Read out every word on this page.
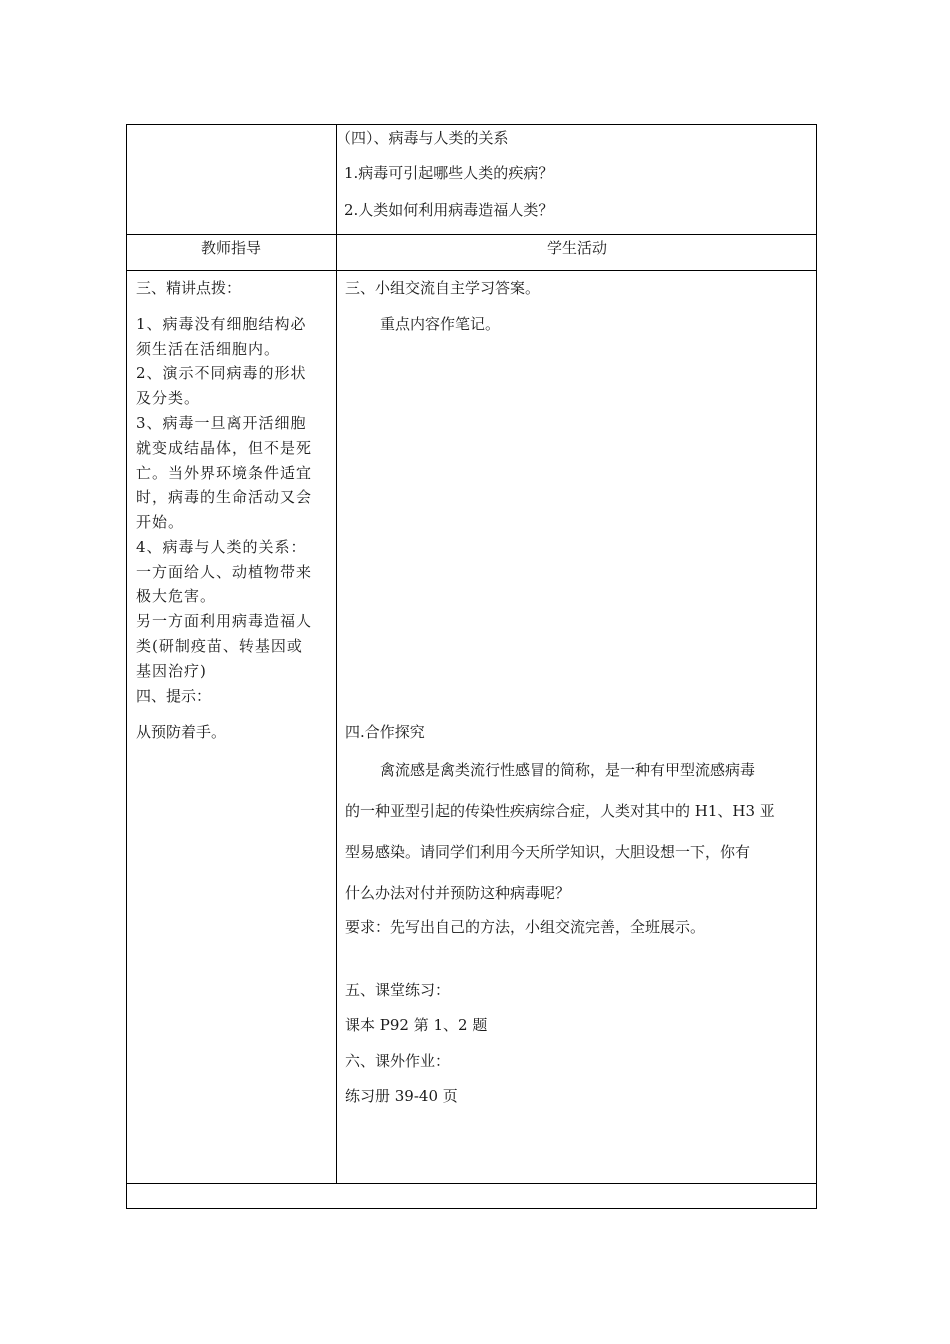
（四）、病毒与人类的关系
1.病毒可引起哪些人类的疾病？
2.人类如何利用病毒造福人类？
教师指导	学生活动
三、精讲点拨：
1、病毒没有细胞结构必
须生活在活细胞内。
2、演示不同病毒的形状
及分类。
3、病毒一旦离开活细胞
就变成结晶体，但不是死
亡。当外界环境条件适宜
时，病毒的生命活动又会
开始。
4、病毒与人类的关系：
一方面给人、动植物带来
极大危害。
另一方面利用病毒造福人
类(研制疫苗、转基因或
基因治疗)
四、提示：
从预防着手。
三、小组交流自主学习答案。
重点内容作笔记。
四.合作探究
禽流感是禽类流行性感冒的简称，是一种有甲型流感病毒
的一种亚型引起的传染性疾病综合症，人类对其中的 H1、H3 亚
型易感染。请同学们利用今天所学知识，大胆设想一下，你有
什么办法对付并预防这种病毒呢？
要求：先写出自己的方法，小组交流完善，全班展示。
五、课堂练习：
课本 P92 第 1、2 题
六、课外作业：
练习册 39-40 页
